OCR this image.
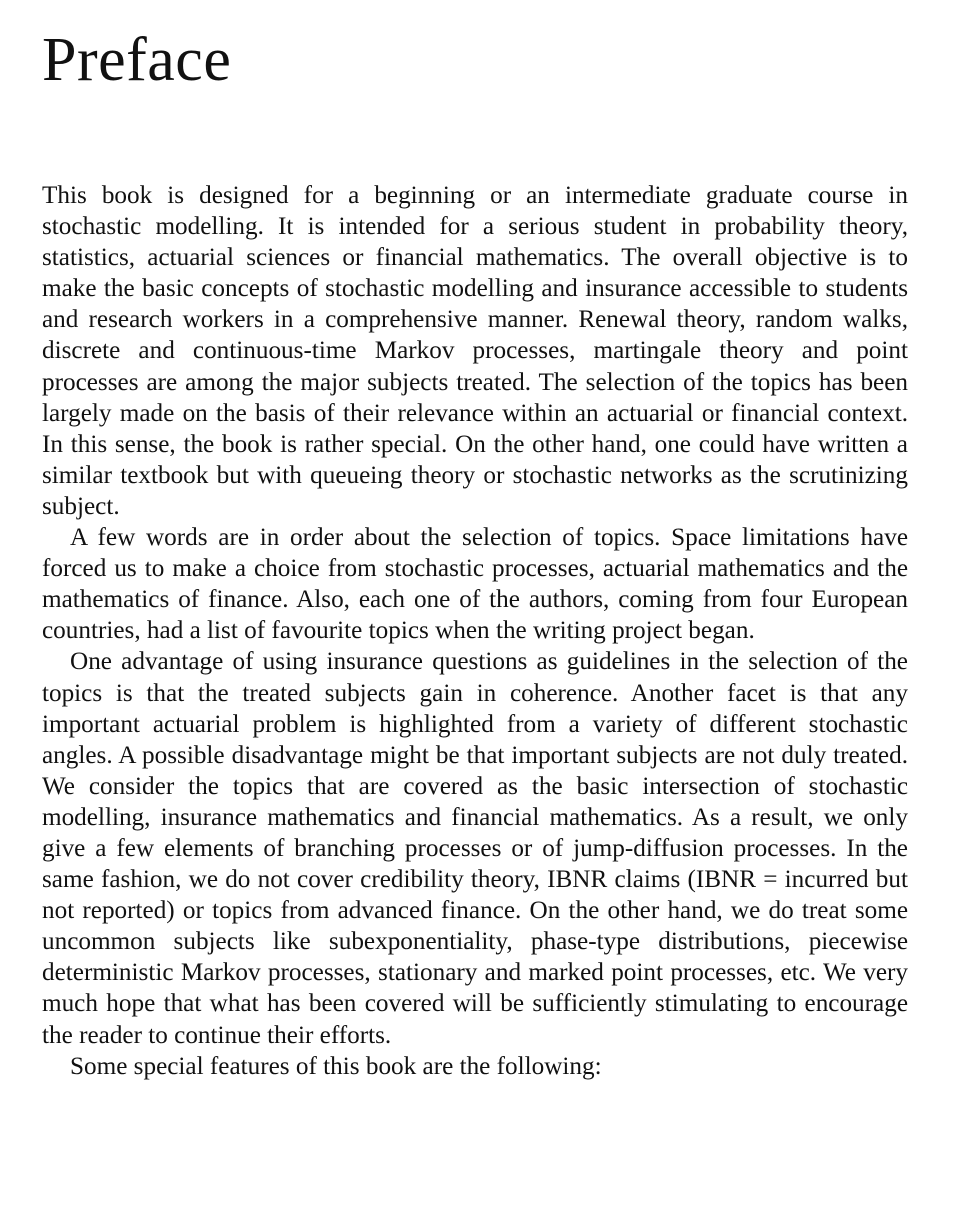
Preface

This book is designed for a beginning or an intermediate graduate course in stochastic modelling. It is intended for a serious student in probability theory, statistics, actuarial sciences or financial mathematics. The overall objective is to make the basic concepts of stochastic modelling and insurance accessible to students and research workers in a comprehensive manner. Renewal theory, random walks, discrete and continuous-time Markov processes, martingale theory and point processes are among the major subjects treated. The selection of the topics has been largely made on the basis of their relevance within an actuarial or financial context. In this sense, the book is rather special. On the other hand, one could have written a similar textbook but with queueing theory or stochastic networks as the scrutinizing subject.

A few words are in order about the selection of topics. Space limitations have forced us to make a choice from stochastic processes, actuarial mathematics and the mathematics of finance. Also, each one of the authors, coming from four European countries, had a list of favourite topics when the writing project began.

One advantage of using insurance questions as guidelines in the selection of the topics is that the treated subjects gain in coherence. Another facet is that any important actuarial problem is highlighted from a variety of different stochastic angles. A possible disadvantage might be that important subjects are not duly treated. We consider the topics that are covered as the basic intersection of stochastic modelling, insurance mathematics and financial mathematics. As a result, we only give a few elements of branching processes or of jump-diffusion processes. In the same fashion, we do not cover credibility theory, IBNR claims (IBNR = incurred but not reported) or topics from advanced finance. On the other hand, we do treat some uncommon subjects like subexponentiality, phase-type distributions, piecewise deterministic Markov processes, stationary and marked point processes, etc. We very much hope that what has been covered will be sufficiently stimulating to encourage the reader to continue their efforts.

Some special features of this book are the following:
